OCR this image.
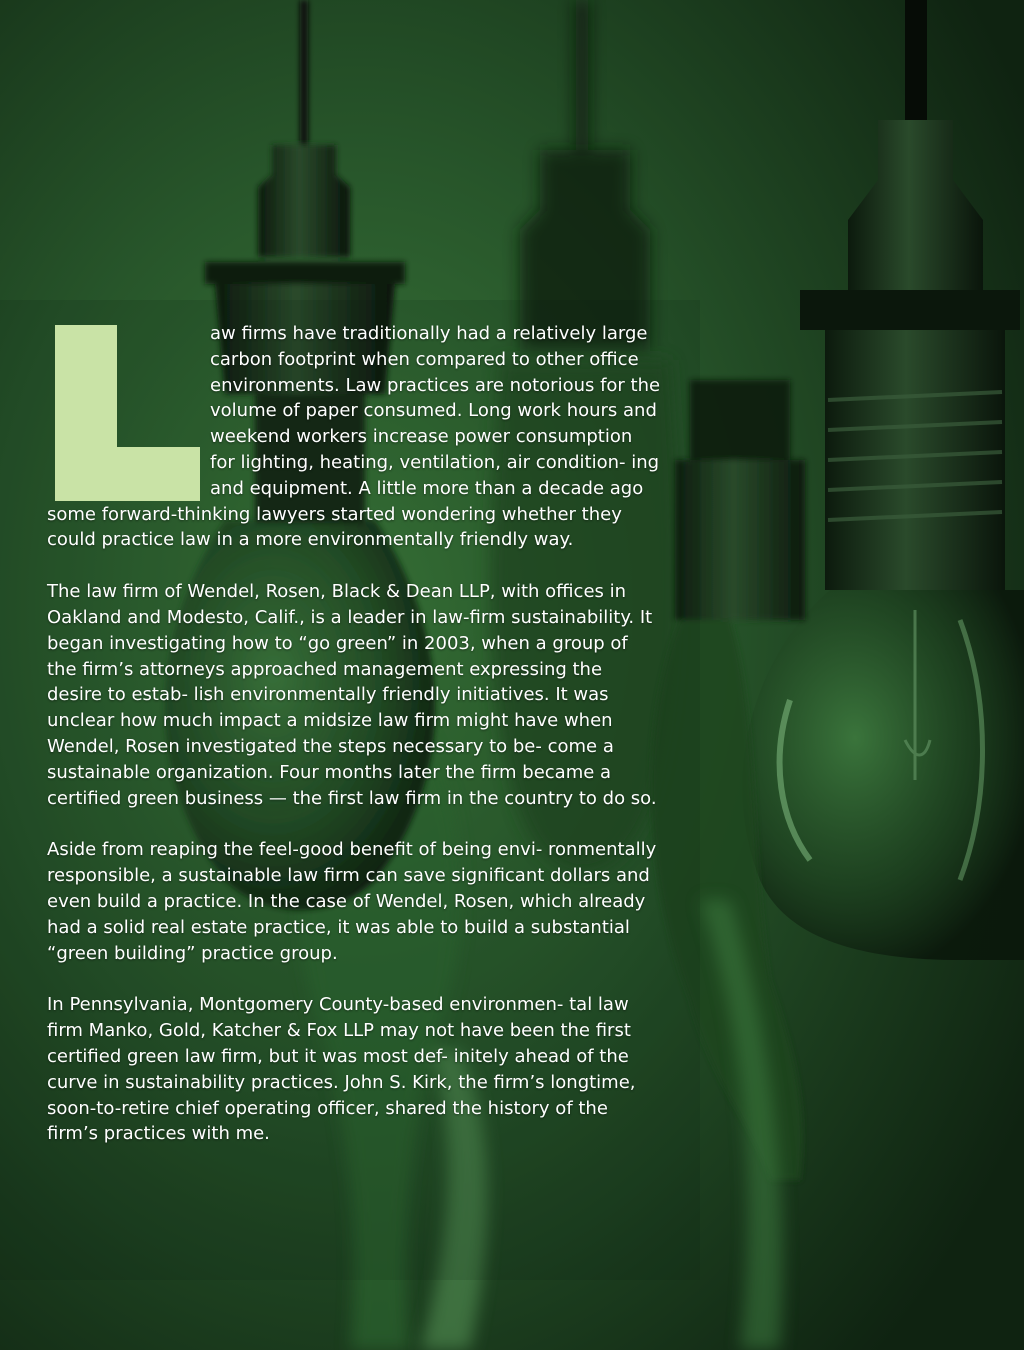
aw firms have traditionally had a relatively large carbon footprint when compared to other office environments. Law practices are notorious for the volume of paper consumed. Long work hours and weekend workers increase power consumption for lighting, heating, ventilation, air condition- ing and equipment. A little more than a decade ago some forward-thinking lawyers started wondering whether they could practice law in a more environmentally friendly way.

The law firm of Wendel, Rosen, Black & Dean LLP, with offices in Oakland and Modesto, Calif., is a leader in law-firm sustainability. It began investigating how to “go green” in 2003, when a group of the firm’s attorneys approached management expressing the desire to estab- lish environmentally friendly initiatives. It was unclear how much impact a midsize law firm might have when Wendel, Rosen investigated the steps necessary to be- come a sustainable organization. Four months later the firm became a certified green business — the first law firm in the country to do so.

Aside from reaping the feel-good benefit of being envi- ronmentally responsible, a sustainable law firm can save significant dollars and even build a practice. In the case of Wendel, Rosen, which already had a solid real estate practice, it was able to build a substantial “green building” practice group.

In Pennsylvania, Montgomery County-based environmen- tal law firm Manko, Gold, Katcher & Fox LLP may not have been the first certified green law firm, but it was most def- initely ahead of the curve in sustainability practices. John S. Kirk, the firm’s longtime, soon-to-retire chief operating officer, shared the history of the firm’s practices with me.
